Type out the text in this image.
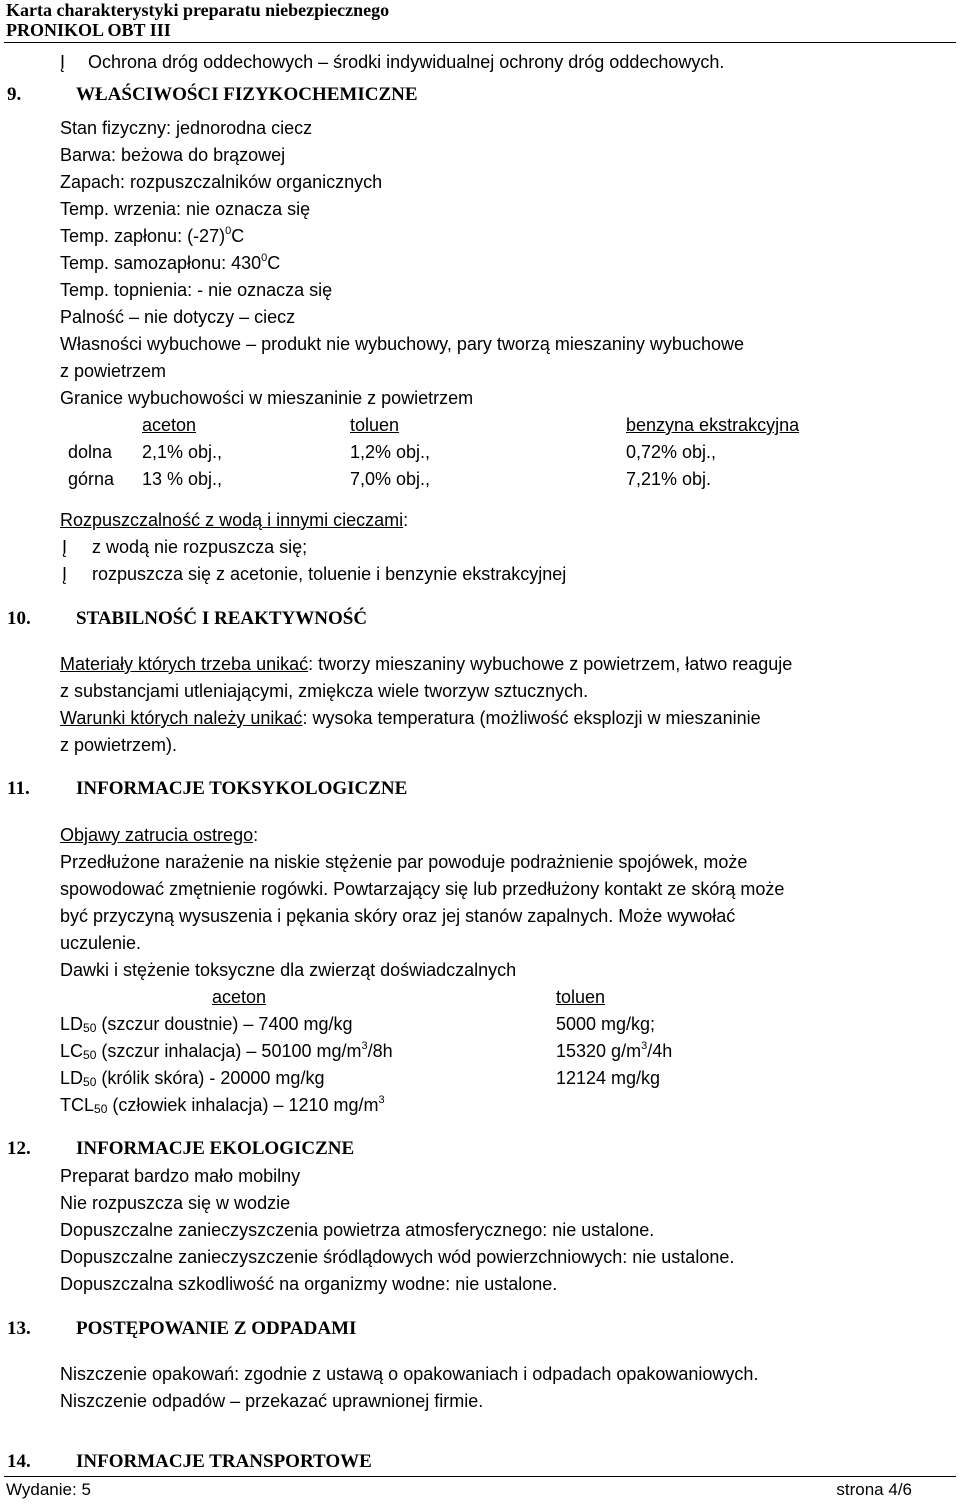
Karta charakterystyki preparatu niebezpiecznego
PRONIKOL OBT III
Į Ochrona dróg oddechowych – środki indywidualnej ochrony dróg oddechowych.
9.	WŁAŚCIWOŚCI FIZYKOCHEMICZNE
Stan fizyczny: jednorodna ciecz
Barwa: beżowa do brązowej
Zapach: rozpuszczalników organicznych
Temp. wrzenia: nie oznacza się
Temp. zapłonu: $(-27)^0C$
Temp. samozapłonu: $430^0C$
Temp. topnienia: - nie oznacza się
Palność – nie dotyczy – ciecz
Własności wybuchowe – produkt nie wybuchowy, pary tworzą mieszaniny wybuchowe
z powietrzem
Granice wybuchowości w mieszaninie z powietrzem
aceton	toluen	benzyna ekstrakcyjna
dolna 2,1% obj.,	1,2% obj.,	0,72% obj.,
górna 13 % obj.,	7,0% obj.,	7,21% obj.
Rozpuszczalność z wodą i innymi cieczami:
Į z wodą nie rozpuszcza się;
Į rozpuszcza się z acetonie, toluenie i benzynie ekstrakcyjnej
10. STABILNOŚĆ I REAKTYWNOŚĆ
Materiały których trzeba unikać: tworzy mieszaniny wybuchowe z powietrzem, łatwo reaguje
z substancjami utleniającymi, zmiękcza wiele tworzyw sztucznych.
Warunki których należy unikać: wysoka temperatura (możliwość eksplozji w mieszaninie
z powietrzem).
11. INFORMACJE TOKSYKOLOGICZNE
Objawy zatrucia ostrego:
Przedłużone narażenie na niskie stężenie par powoduje podrażnienie spojówek, może
spowodować zmętnienie rogówki. Powtarzający się lub przedłużony kontakt ze skórą może
być przyczyną wysuszenia i pękania skóry oraz jej stanów zapalnych. Może wywołać
uczulenie.
Dawki i stężenie toksyczne dla zwierząt doświadczalnych
aceton	toluen
$LD_{50}$ (szczur doustnie) – 7400 mg/kg	5000 mg/kg;
$LC_{50}$ (szczur inhalacja) – 50100 $mg/m^3/8h$	15320 $g/m^3/4h$
$LD_{50}$ (królik skóra) - 20000 mg/kg	12124 mg/kg
$TCL_{50}$ (człowiek inhalacja) – 1210 $mg/m^3$
12. INFORMACJE EKOLOGICZNE
Preparat bardzo mało mobilny
Nie rozpuszcza się w wodzie
Dopuszczalne zanieczyszczenia powietrza atmosferycznego: nie ustalone.
Dopuszczalne zanieczyszczenie śródlądowych wód powierzchniowych: nie ustalone.
Dopuszczalna szkodliwość na organizmy wodne: nie ustalone.
13. POSTĘPOWANIE Z ODPADAMI
Niszczenie opakowań: zgodnie z ustawą o opakowaniach i odpadach opakowaniowych.
Niszczenie odpadów – przekazać uprawnionej firmie.
14. INFORMACJE TRANSPORTOWE
Wydanie: 5	strona 4/6
